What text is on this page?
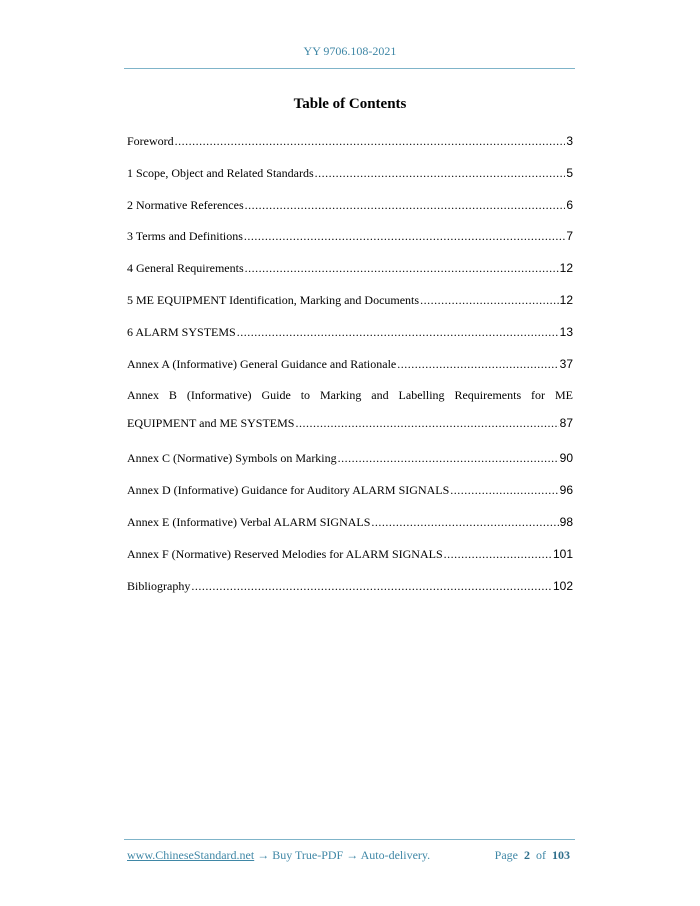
YY 9706.108-2021
Table of Contents
Foreword .....	3
1 Scope, Object and Related Standards .....	5
2 Normative References .....	6
3 Terms and Definitions .....	7
4 General Requirements .....	12
5 ME EQUIPMENT Identification, Marking and Documents .....	12
6 ALARM SYSTEMS .....	13
Annex A (Informative) General Guidance and Rationale .....	37
Annex B (Informative) Guide to Marking and Labelling Requirements for ME
EQUIPMENT and ME SYSTEMS .....	87
Annex C (Normative) Symbols on Marking .....	90
Annex D (Informative) Guidance for Auditory ALARM SIGNALS .....	96
Annex E (Informative) Verbal ALARM SIGNALS .....	98
Annex F (Normative) Reserved Melodies for ALARM SIGNALS .....	101
Bibliography .....	102
www.ChineseStandard.net → Buy True-PDF → Auto-delivery.	Page 2 of 103
